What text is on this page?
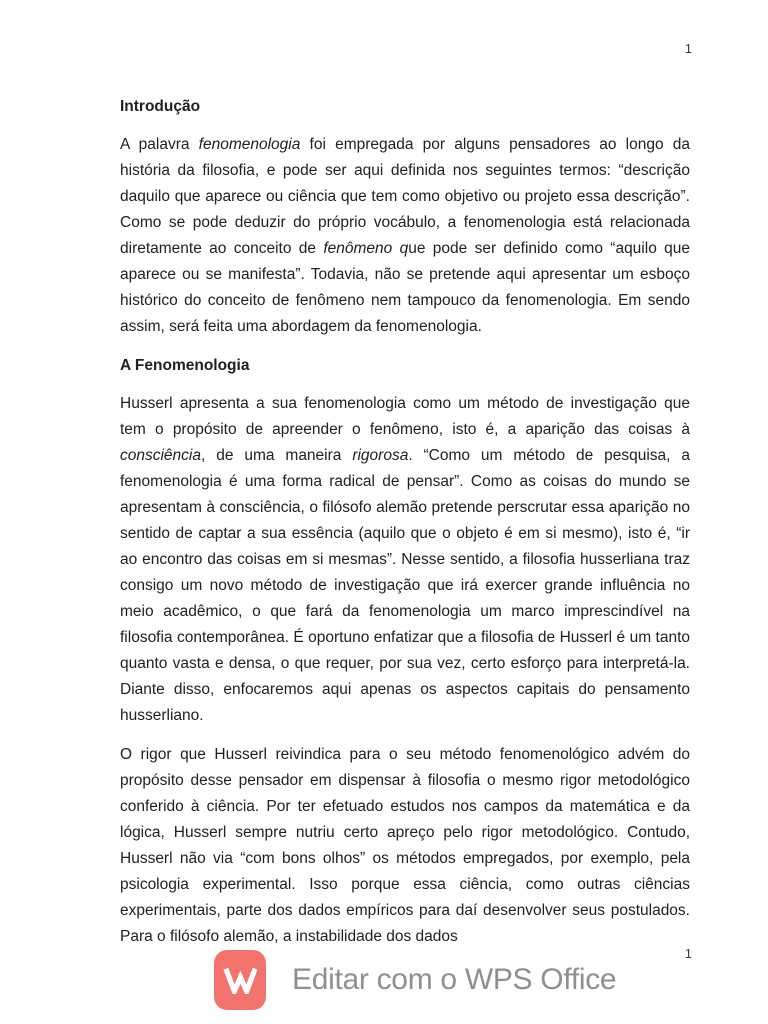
1
Introdução

A palavra fenomenologia foi empregada por alguns pensadores ao longo da história da filosofia, e pode ser aqui definida nos seguintes termos: “descrição daquilo que aparece ou ciência que tem como objetivo ou projeto essa descrição”. Como se pode deduzir do próprio vocábulo, a fenomenologia está relacionada diretamente ao conceito de fenômeno que pode ser definido como “aquilo que aparece ou se manifesta”. Todavia, não se pretende aqui apresentar um esboço histórico do conceito de fenômeno nem tampouco da fenomenologia. Em sendo assim, será feita uma abordagem da fenomenologia.

A Fenomenologia

Husserl apresenta a sua fenomenologia como um método de investigação que tem o propósito de apreender o fenômeno, isto é, a aparição das coisas à consciência, de uma maneira rigorosa. “Como um método de pesquisa, a fenomenologia é uma forma radical de pensar”. Como as coisas do mundo se apresentam à consciência, o filósofo alemão pretende perscrutar essa aparição no sentido de captar a sua essência (aquilo que o objeto é em si mesmo), isto é, “ir ao encontro das coisas em si mesmas”. Nesse sentido, a filosofia husserliana traz consigo um novo método de investigação que irá exercer grande influência no meio acadêmico, o que fará da fenomenologia um marco imprescindível na filosofia contemporânea. É oportuno enfatizar que a filosofia de Husserl é um tanto quanto vasta e densa, o que requer, por sua vez, certo esforço para interpretá-la. Diante disso, enfocaremos aqui apenas os aspectos capitais do pensamento husserliano.

O rigor que Husserl reivindica para o seu método fenomenológico advém do propósito desse pensador em dispensar à filosofia o mesmo rigor metodológico conferido à ciência. Por ter efetuado estudos nos campos da matemática e da lógica, Husserl sempre nutriu certo apreço pelo rigor metodológico. Contudo, Husserl não via “com bons olhos” os métodos empregados, por exemplo, pela psicologia experimental. Isso porque essa ciência, como outras ciências experimentais, parte dos dados empíricos para daí desenvolver seus postulados. Para o filósofo alemão, a instabilidade dos dados

Editar com o WPS Office
1
